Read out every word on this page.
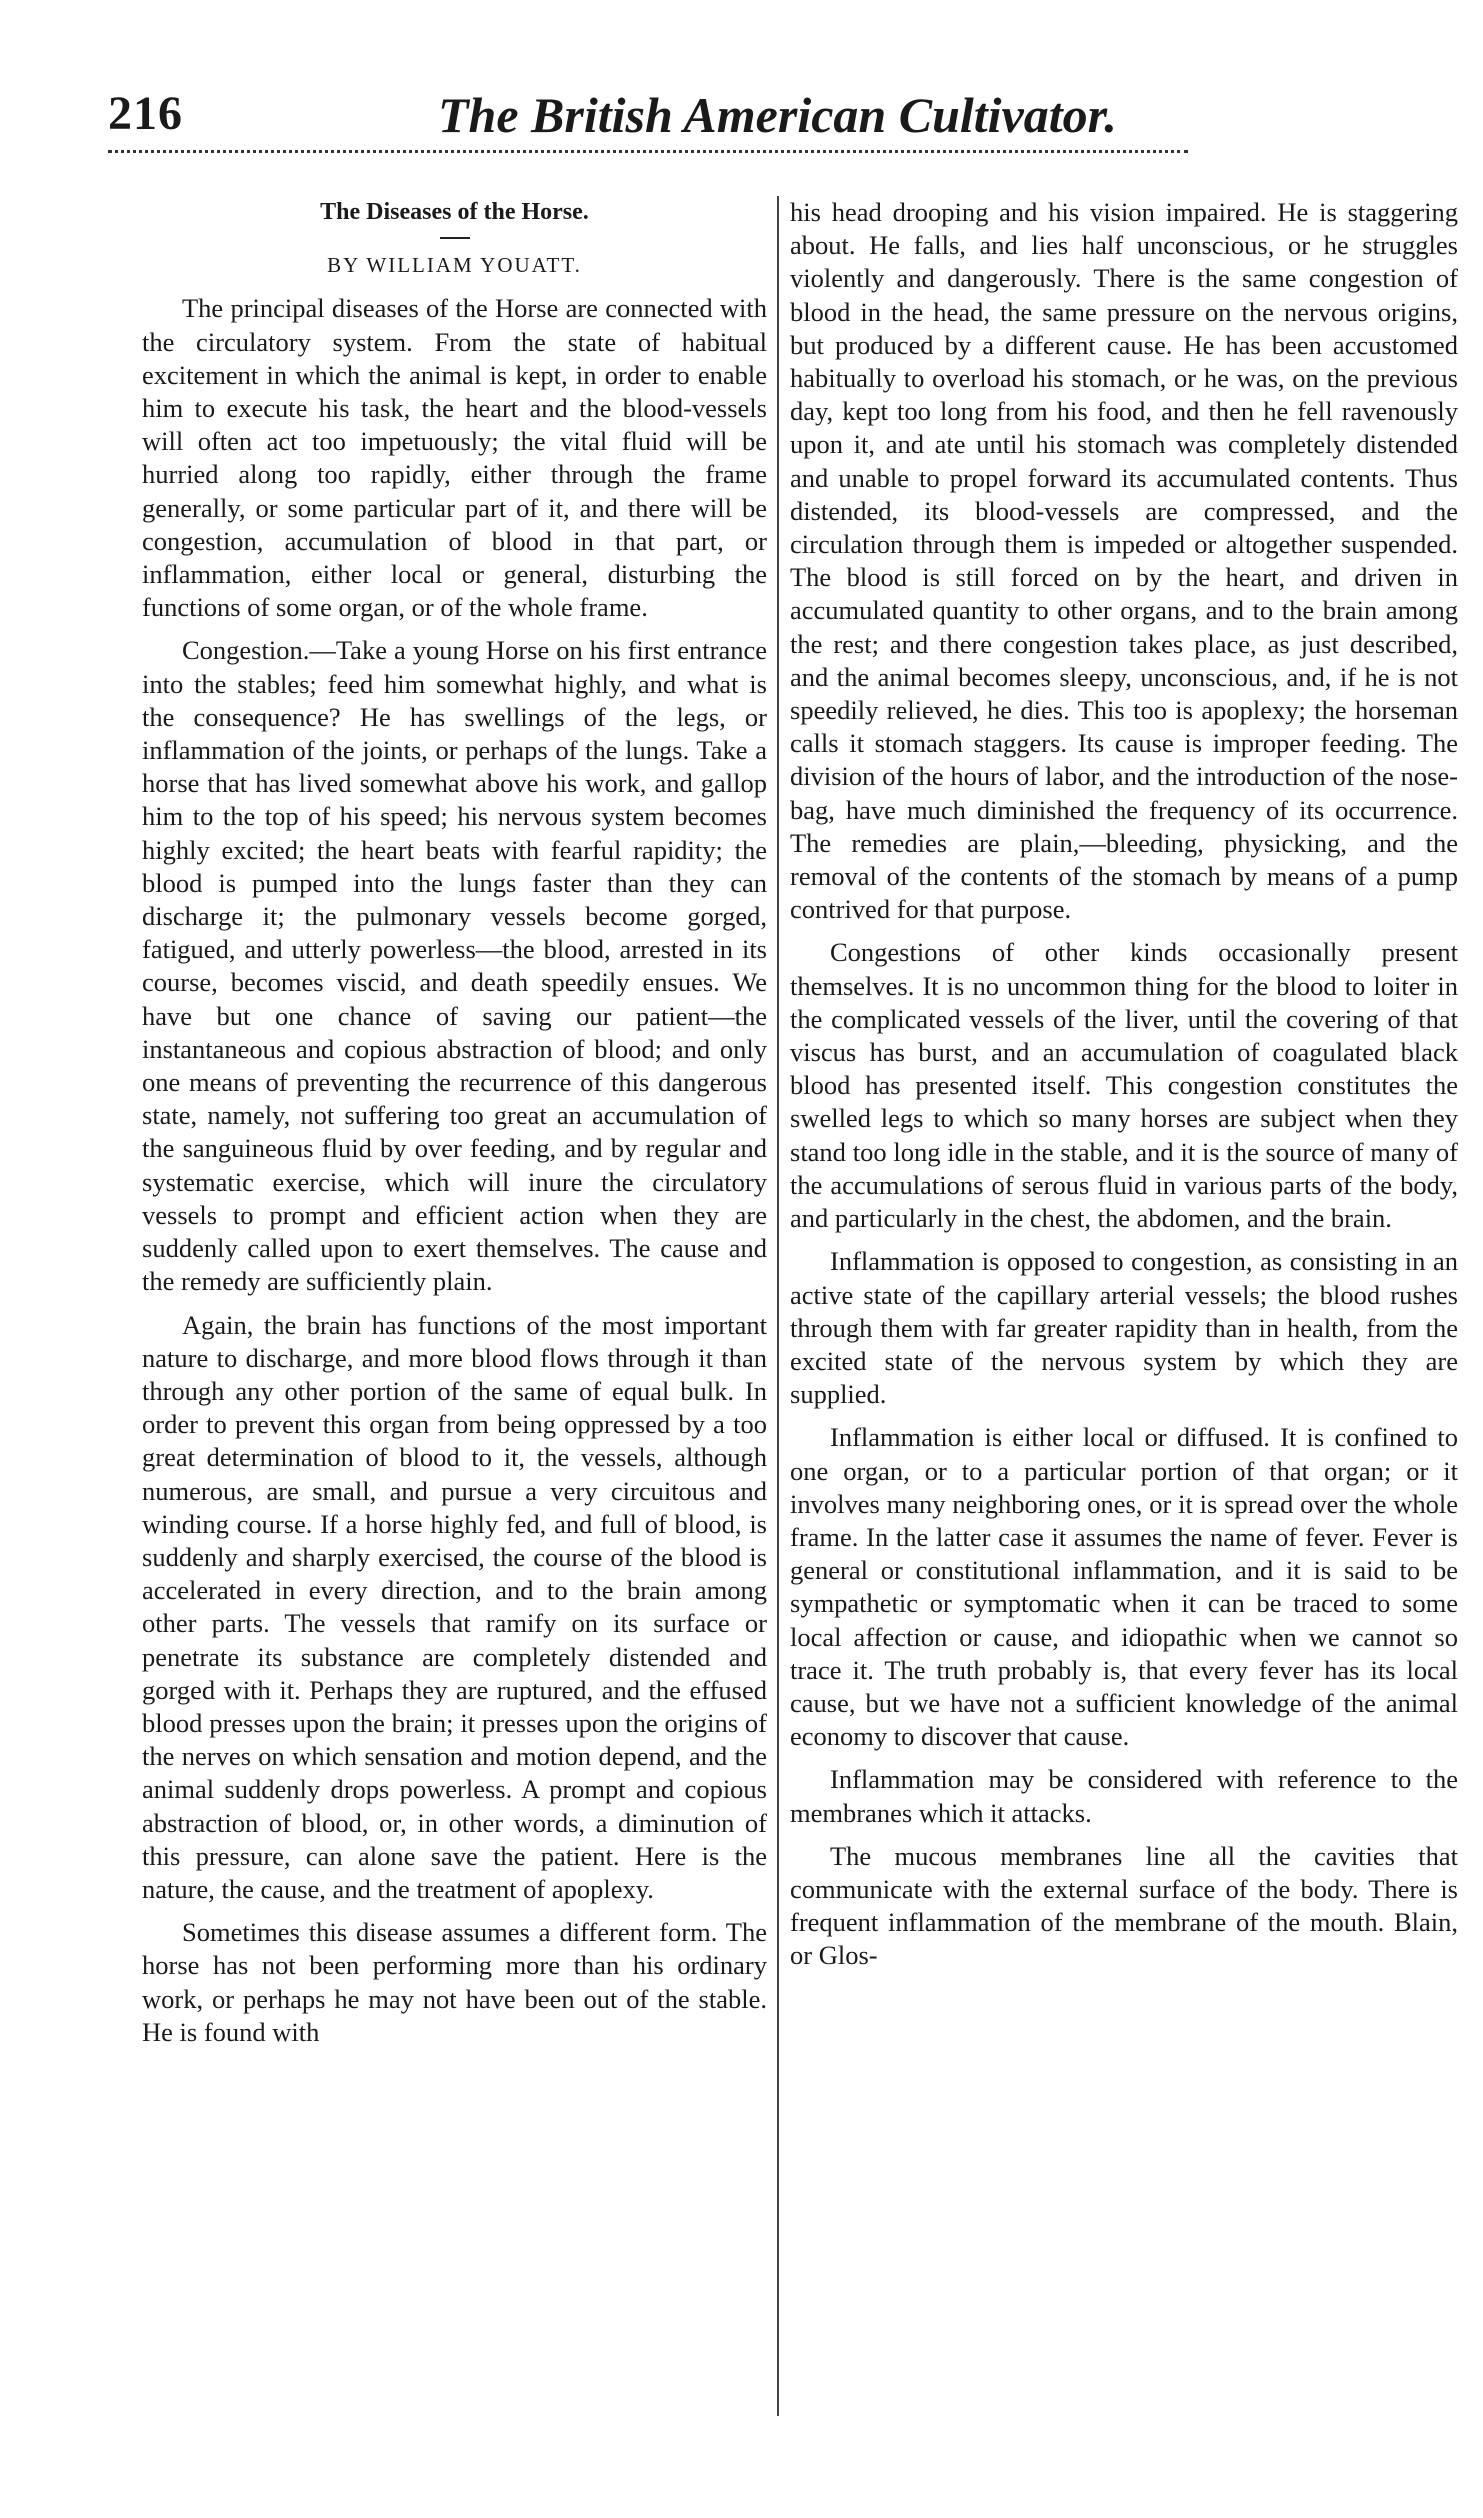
216	The British American Cultivator.
The Diseases of the Horse.
BY WILLIAM YOUATT.

The principal diseases of the Horse are connected with the circulatory system. From the state of habitual excitement in which the animal is kept, in order to enable him to execute his task, the heart and the blood-vessels will often act too impetuously; the vital fluid will be hurried along too rapidly, either through the frame generally, or some particular part of it, and there will be congestion, accumulation of blood in that part, or inflammation, either local or general, disturbing the functions of some organ, or of the whole frame.

Congestion.—Take a young Horse on his first entrance into the stables; feed him somewhat highly, and what is the consequence? He has swellings of the legs, or inflammation of the joints, or perhaps of the lungs. Take a horse that has lived somewhat above his work, and gallop him to the top of his speed; his nervous system becomes highly excited; the heart beats with fearful rapidity; the blood is pumped into the lungs faster than they can discharge it; the pulmonary vessels become gorged, fatigued, and utterly powerless—the blood, arrested in its course, becomes viscid, and death speedily ensues. We have but one chance of saving our patient—the instantaneous and copious abstraction of blood; and only one means of preventing the recurrence of this dangerous state, namely, not suffering too great an accumulation of the sanguineous fluid by over feeding, and by regular and systematic exercise, which will inure the circulatory vessels to prompt and efficient action when they are suddenly called upon to exert themselves. The cause and the remedy are sufficiently plain.

Again, the brain has functions of the most important nature to discharge, and more blood flows through it than through any other portion of the same of equal bulk. In order to prevent this organ from being oppressed by a too great determination of blood to it, the vessels, although numerous, are small, and pursue a very circuitous and winding course. If a horse highly fed, and full of blood, is suddenly and sharply exercised, the course of the blood is accelerated in every direction, and to the brain among other parts. The vessels that ramify on its surface or penetrate its substance are completely distended and gorged with it. Perhaps they are ruptured, and the effused blood presses upon the brain; it presses upon the origins of the nerves on which sensation and motion depend, and the animal suddenly drops powerless. A prompt and copious abstraction of blood, or, in other words, a diminution of this pressure, can alone save the patient. Here is the nature, the cause, and the treatment of apoplexy.

Sometimes this disease assumes a different form. The horse has not been performing more than his ordinary work, or perhaps he may not have been out of the stable. He is found with

his head drooping and his vision impaired. He is staggering about. He falls, and lies half unconscious, or he struggles violently and dangerously. There is the same congestion of blood in the head, the same pressure on the nervous origins, but produced by a different cause. He has been accustomed habitually to overload his stomach, or he was, on the previous day, kept too long from his food, and then he fell ravenously upon it, and ate until his stomach was completely distended and unable to propel forward its accumulated contents. Thus distended, its blood-vessels are compressed, and the circulation through them is impeded or altogether suspended. The blood is still forced on by the heart, and driven in accumulated quantity to other organs, and to the brain among the rest; and there congestion takes place, as just described, and the animal becomes sleepy, unconscious, and, if he is not speedily relieved, he dies. This too is apoplexy; the horseman calls it stomach staggers. Its cause is improper feeding. The division of the hours of labor, and the introduction of the nose-bag, have much diminished the frequency of its occurrence. The remedies are plain,—bleeding, physicking, and the removal of the contents of the stomach by means of a pump contrived for that purpose.

Congestions of other kinds occasionally present themselves. It is no uncommon thing for the blood to loiter in the complicated vessels of the liver, until the covering of that viscus has burst, and an accumulation of coagulated black blood has presented itself. This congestion constitutes the swelled legs to which so many horses are subject when they stand too long idle in the stable, and it is the source of many of the accumulations of serous fluid in various parts of the body, and particularly in the chest, the abdomen, and the brain.

Inflammation is opposed to congestion, as consisting in an active state of the capillary arterial vessels; the blood rushes through them with far greater rapidity than in health, from the excited state of the nervous system by which they are supplied.

Inflammation is either local or diffused. It is confined to one organ, or to a particular portion of that organ; or it involves many neighboring ones, or it is spread over the whole frame. In the latter case it assumes the name of fever. Fever is general or constitutional inflammation, and it is said to be sympathetic or symptomatic when it can be traced to some local affection or cause, and idiopathic when we cannot so trace it. The truth probably is, that every fever has its local cause, but we have not a sufficient knowledge of the animal economy to discover that cause.

Inflammation may be considered with reference to the membranes which it attacks.

The mucous membranes line all the cavities that communicate with the external surface of the body. There is frequent inflammation of the membrane of the mouth. Blain, or Glos-
